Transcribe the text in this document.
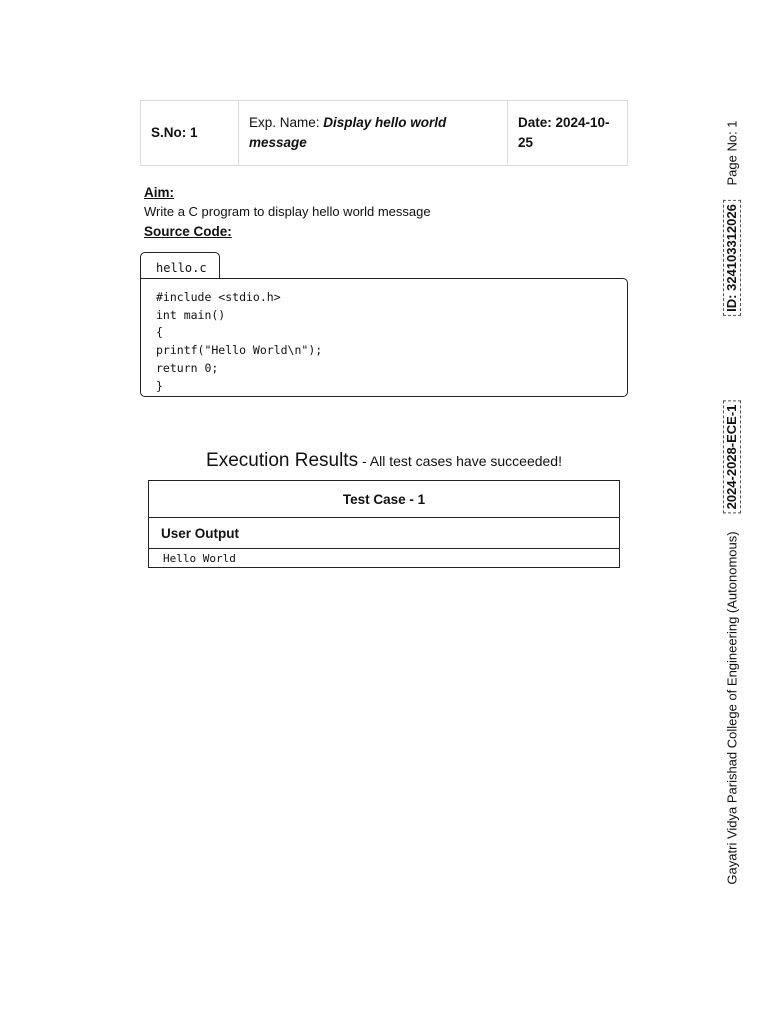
S.No: 1	Exp. Name: Display hello world message	Date: 2024-10-25
Aim:
Write a C program to display hello world message
Source Code:
hello.c
#include <stdio.h>
int main()
{
printf("Hello World\n");
return 0;
}
Execution Results - All test cases have succeeded!
Test Case - 1
User Output
Hello World
Page No: 1
ID: 324103312026
2024-2028-ECE-1
Gayatri Vidya Parishad College of Engineering (Autonomous)
